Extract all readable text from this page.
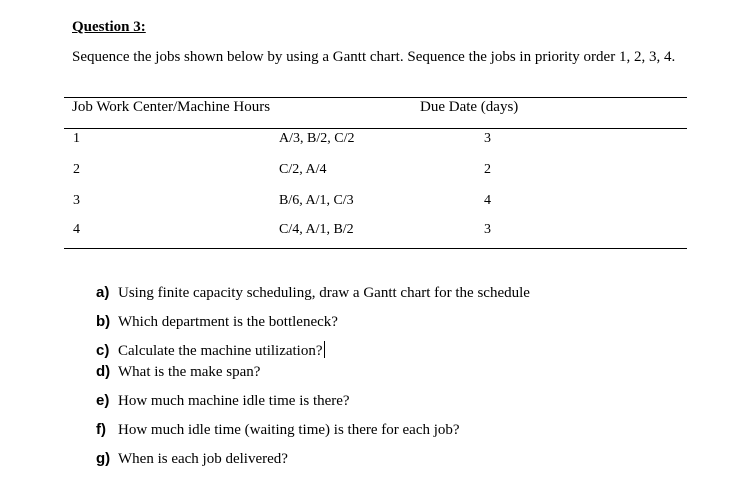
Question 3:
Sequence the jobs shown below by using a Gantt chart. Sequence the jobs in priority order 1, 2, 3, 4.
Job Work Center/Machine Hours	Due Date (days)
1	A/3, B/2, C/2	3
2	C/2, A/4	2
3	B/6, A/1, C/3	4
4	C/4, A/1, B/2	3
a) Using finite capacity scheduling, draw a Gantt chart for the schedule
b) Which department is the bottleneck?
c) Calculate the machine utilization?
d) What is the make span?
e) How much machine idle time is there?
f) How much idle time (waiting time) is there for each job?
g) When is each job delivered?
